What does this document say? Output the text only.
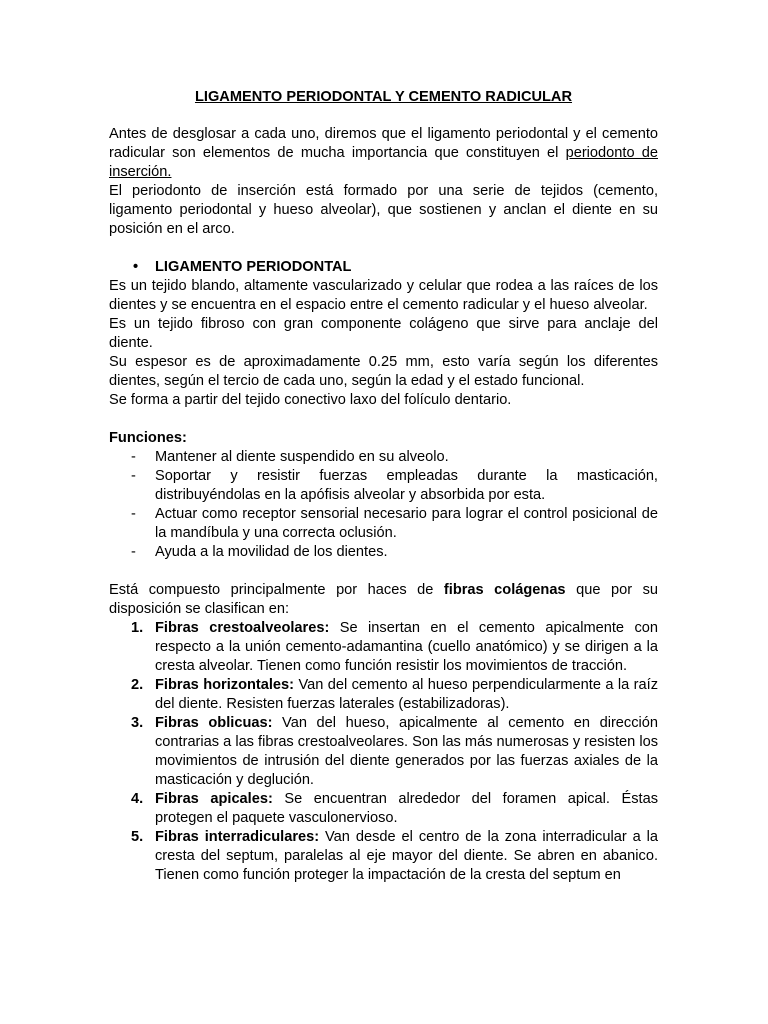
LIGAMENTO PERIODONTAL Y CEMENTO RADICULAR

Antes de desglosar a cada uno, diremos que el ligamento periodontal y el cemento radicular son elementos de mucha importancia que constituyen el periodonto de inserción.

El periodonto de inserción está formado por una serie de tejidos (cemento, ligamento periodontal y hueso alveolar), que sostienen y anclan el diente en su posición en el arco.

•	LIGAMENTO PERIODONTAL

Es un tejido blando, altamente vascularizado y celular que rodea a las raíces de los dientes y se encuentra en el espacio entre el cemento radicular y el hueso alveolar.

Es un tejido fibroso con gran componente colágeno que sirve para anclaje del diente.

Su espesor es de aproximadamente 0.25 mm, esto varía según los diferentes dientes, según el tercio de cada uno, según la edad y el estado funcional.

Se forma a partir del tejido conectivo laxo del folículo dentario.

Funciones:
-	Mantener al diente suspendido en su alveolo.
-	Soportar y resistir fuerzas empleadas durante la masticación, distribuyéndolas en la apófisis alveolar y absorbida por esta.
-	Actuar como receptor sensorial necesario para lograr el control posicional de la mandíbula y una correcta oclusión.
-	Ayuda a la movilidad de los dientes.

Está compuesto principalmente por haces de fibras colágenas que por su disposición se clasifican en:

1. Fibras crestoalveolares: Se insertan en el cemento apicalmente con respecto a la unión cemento-adamantina (cuello anatómico) y se dirigen a la cresta alveolar. Tienen como función resistir los movimientos de tracción.
2. Fibras horizontales: Van del cemento al hueso perpendicularmente a la raíz del diente. Resisten fuerzas laterales (estabilizadoras).
3. Fibras oblicuas: Van del hueso, apicalmente al cemento en dirección contrarias a las fibras crestoalveolares. Son las más numerosas y resisten los movimientos de intrusión del diente generados por las fuerzas axiales de la masticación y deglución.
4. Fibras apicales: Se encuentran alrededor del foramen apical. Éstas protegen el paquete vasculonervioso.
5. Fibras interradiculares: Van desde el centro de la zona interradicular a la cresta del septum, paralelas al eje mayor del diente. Se abren en abanico. Tienen como función proteger la impactación de la cresta del septum en
